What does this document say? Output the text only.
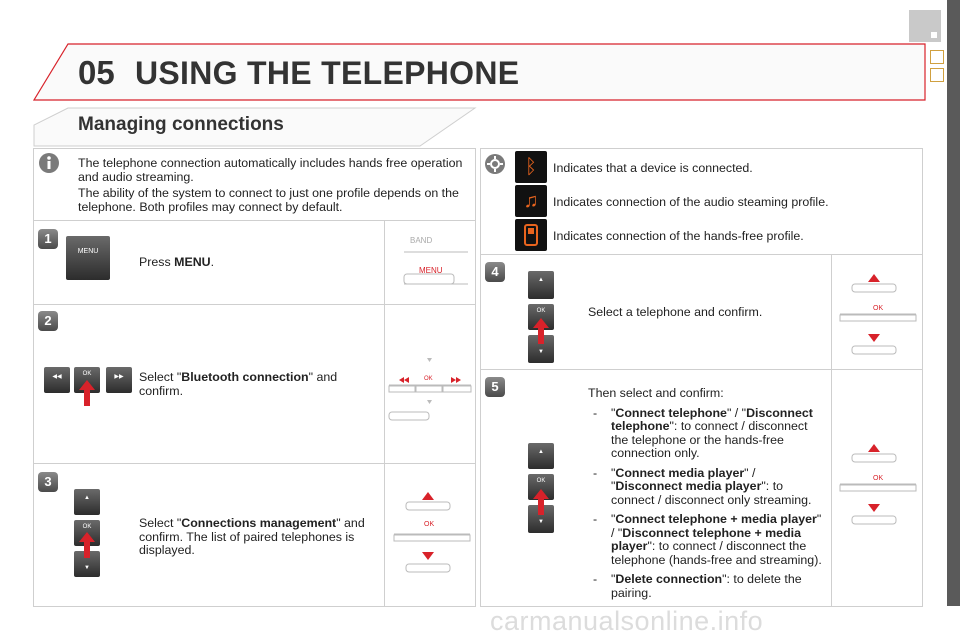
05 USING THE TELEPHONE
Managing connections
The telephone connection automatically includes hands free operation and audio streaming.
The ability of the system to connect to just one profile depends on the telephone. Both profiles may connect by default.
1
MENU
Press MENU.
BAND
MENU
2
◀◀	OK	▶▶	Select "Bluetooth connection" and confirm.
OK
3
▲
OK
▼
Select "Connections management" and confirm. The list of paired telephones is displayed.
OK
ᛒ	Indicates that a device is connected.
♫	Indicates connection of the audio steaming profile.
Indicates connection of the hands-free profile.
4
▲
OK
▼
Select a telephone and confirm.	OK
5
▲
OK
▼
Then select and confirm:
- "Connect telephone" / "Disconnect telephone": to connect / disconnect the telephone or the hands-free connection only.
- "Connect media player" / "Disconnect media player": to connect / disconnect only streaming.
- "Connect telephone + media player" / "Disconnect telephone + media player": to connect / disconnect the telephone (hands-free and streaming).
- "Delete connection": to delete the pairing.
OK
carmanualsonline.info
